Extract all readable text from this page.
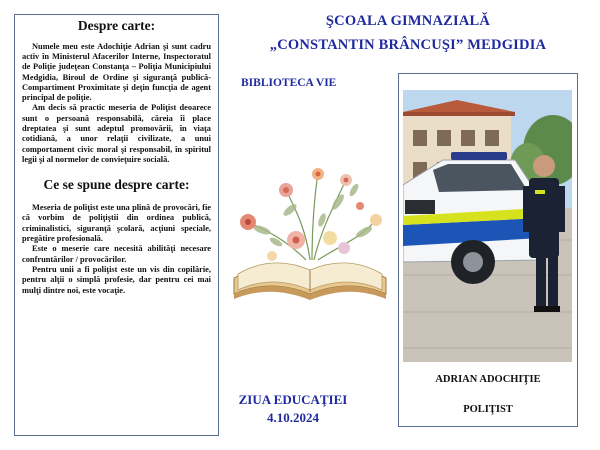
Despre carte:

Numele meu este Adochiţie Adrian şi sunt cadru activ în Ministerul Afacerilor Interne, Inspectoratul de Poliţie judeţean Constanţa – Poliţia Municipiului Medgidia, Biroul de Ordine şi siguranţă publică- Compartiment Proximitate şi deţin funcţia de agent principal de poliţie.

Am decis să practic meseria de Poliţist deoarece sunt o persoană responsabilă, căreia îi place dreptatea şi sunt adeptul promovării, în viaţa cotidiană, a unor relaţii civilizate, a unui comportament civic moral şi responsabil, în spiritul legii şi al normelor de convieţuire socială.

Ce se spune despre carte:

Meseria de poliţist este una plină de provocări, fie că vorbim de poliţiştii din ordinea publică, criminalistici, siguranţă şcolară, acţiuni speciale, pregătire profesională.

Este o meserie care necesită abilităţi necesare confruntărilor / provocărilor.

Pentru unii a fi poliţist este un vis din copilărie, pentru alţii o simplă profesie, dar pentru cei mai mulţi dintre noi, este vocaţie.

ŞCOALA GIMNAZIALĂ
„CONSTANTIN BRÂNCUŞI” MEDGIDIA
BIBLIOTECA VIE
ZIUA EDUCAŢIEI
4.10.2024
ADRIAN ADOCHIŢIE
POLIŢIST
